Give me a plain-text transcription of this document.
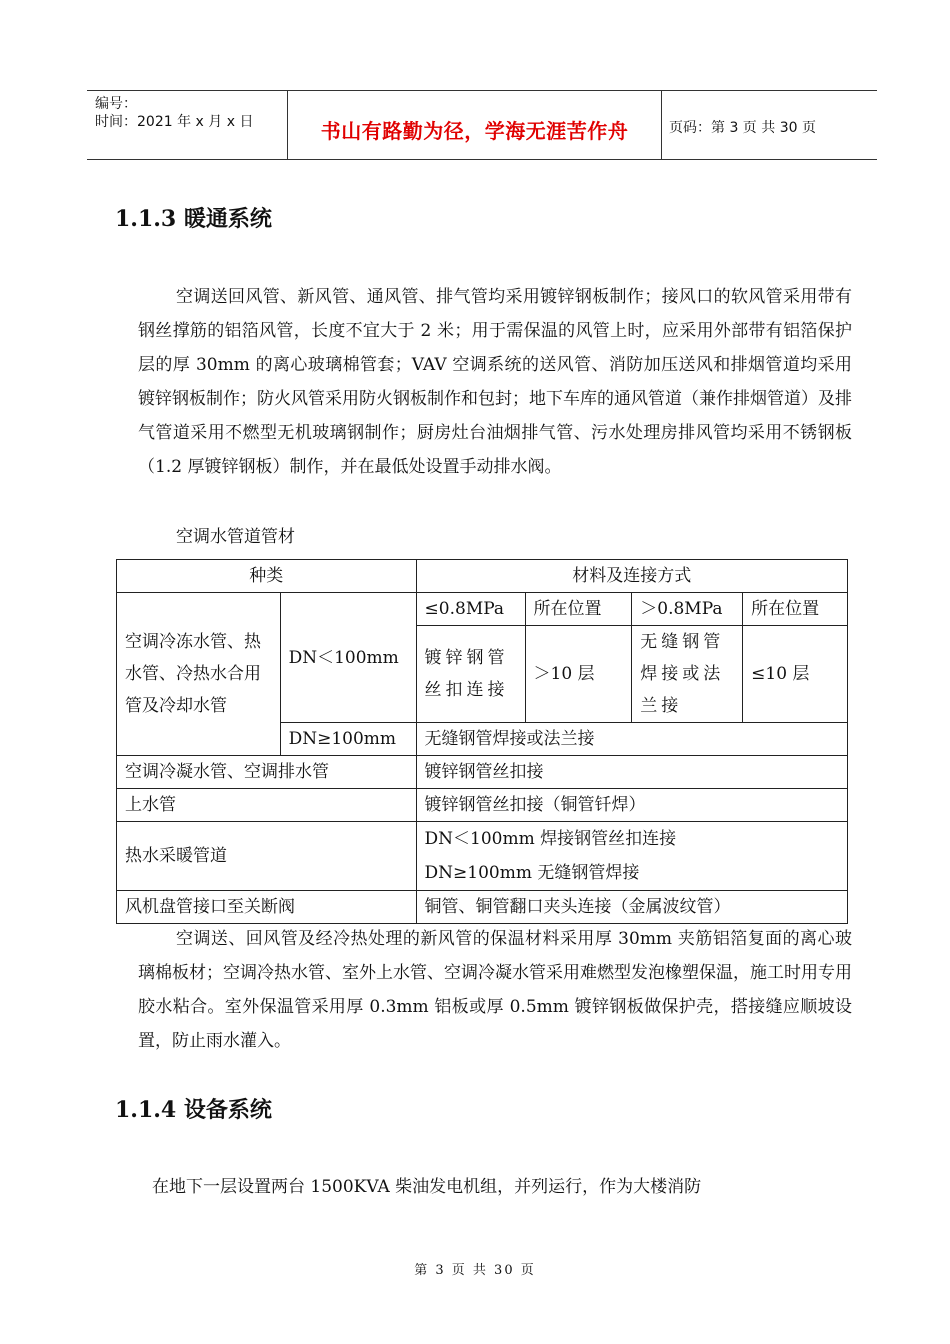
编号：
时间：2021 年 x 月 x 日	书山有路勤为径，学海无涯苦作舟	页码：第 3 页 共 30 页
1.1.3 暖通系统

空调送回风管、新风管、通风管、排气管均采用镀锌钢板制作；接风口的软风管采用带有钢丝撑筋的铝箔风管，长度不宜大于 2 米；用于需保温的风管上时，应采用外部带有铝箔保护层的厚 30mm 的离心玻璃棉管套；VAV 空调系统的送风管、消防加压送风和排烟管道均采用镀锌钢板制作；防火风管采用防火钢板制作和包封；地下车库的通风管道（兼作排烟管道）及排气管道采用不燃型无机玻璃钢制作；厨房灶台油烟排气管、污水处理房排风管均采用不锈钢板（1.2 厚镀锌钢板）制作，并在最低处设置手动排水阀。

空调水管道管材
种类		材料及连接方式			
空调冷冻水管、热水管、冷热水合用管及冷却水管	DN＜100mm	≤0.8MPa	所在位置	＞0.8MPa	所在位置
		镀锌钢管丝扣连接	＞10 层	无缝钢管焊接或法兰接	≤10 层
	DN≥100mm	无缝钢管焊接或法兰接			
空调冷凝水管、空调排水管		镀锌钢管丝扣接			
上水管		镀锌钢管丝扣接（铜管钎焊）			
热水采暖管道		DN＜100mm 焊接钢管丝扣连接
DN≥100mm 无缝钢管焊接			

风机盘管接口至关断阀		铜管、铜管翻口夹头连接（金属波纹管）			

空调送、回风管及经冷热处理的新风管的保温材料采用厚 30mm 夹筋铝箔复面的离心玻璃棉板材；空调冷热水管、室外上水管、空调冷凝水管采用难燃型发泡橡塑保温，施工时用专用胶水粘合。室外保温管采用厚 0.3mm 铝板或厚 0.5mm 镀锌钢板做保护壳，搭接缝应顺坡设置，防止雨水灌入。

1.1.4 设备系统

在地下一层设置两台 1500KVA 柴油发电机组，并列运行，作为大楼消防

第 3 页 共 30 页
